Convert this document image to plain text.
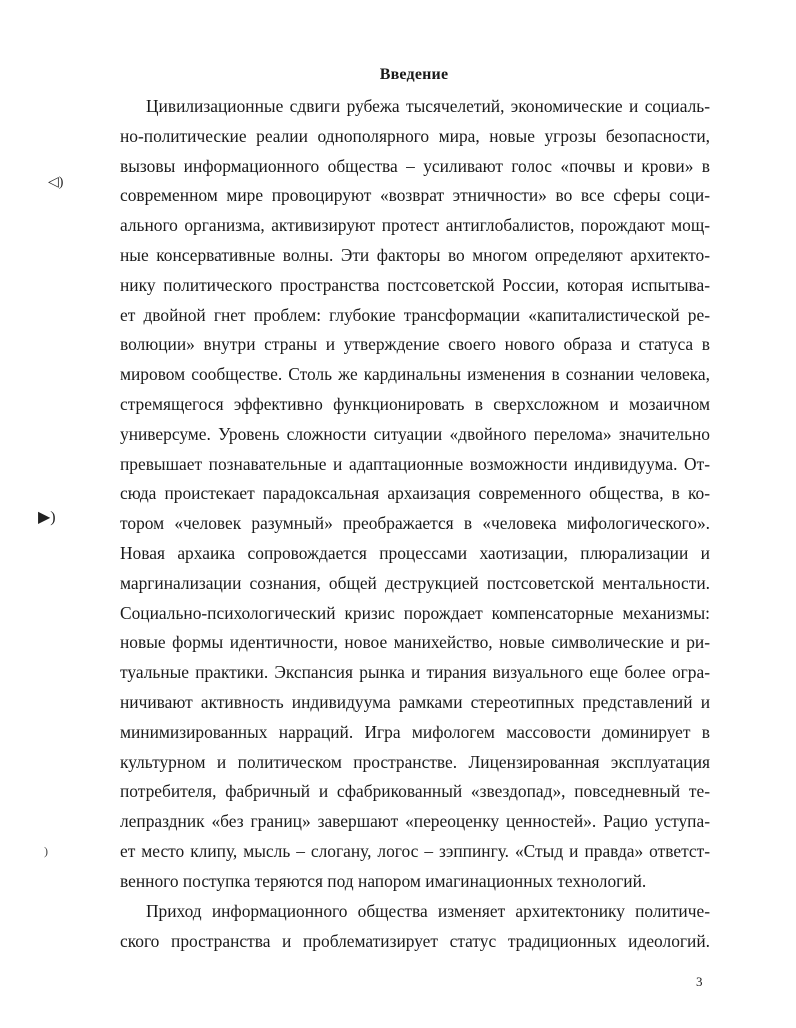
◁)
▶)
)
Введение
Цивилизационные сдвиги рубежа тысячелетий, экономические и социаль-
но-политические реалии однополярного мира, новые угрозы безопасности,
вызовы информационного общества – усиливают голос «почвы и крови» в
современном мире провоцируют «возврат этничности» во все сферы соци-
ального организма, активизируют протест антиглобалистов, порождают мощ-
ные консервативные волны. Эти факторы во многом определяют архитекто-
нику политического пространства постсоветской России, которая испытыва-
ет двойной гнет проблем: глубокие трансформации «капиталистической ре-
волюции» внутри страны и утверждение своего нового образа и статуса в
мировом сообществе. Столь же кардинальны изменения в сознании человека,
стремящегося эффективно функционировать в сверхсложном и мозаичном
универсуме. Уровень сложности ситуации «двойного перелома» значительно
превышает познавательные и адаптационные возможности индивидуума. От-
сюда проистекает парадоксальная архаизация современного общества, в ко-
тором «человек разумный» преображается в «человека мифологического».
Новая архаика сопровождается процессами хаотизации, плюрализации и
маргинализации сознания, общей деструкцией постсоветской ментальности.
Социально-психологический кризис порождает компенсаторные механизмы:
новые формы идентичности, новое манихейство, новые символические и ри-
туальные практики. Экспансия рынка и тирания визуального еще более огра-
ничивают активность индивидуума рамками стереотипных представлений и
минимизированных нарраций. Игра мифологем массовости доминирует в
культурном и политическом пространстве. Лицензированная эксплуатация
потребителя, фабричный и сфабрикованный «звездопад», повседневный те-
лепраздник «без границ» завершают «переоценку ценностей». Рацио уступа-
ет место клипу, мысль – слогану, логос – зэппингу. «Стыд и правда» ответст-
венного поступка теряются под напором имагинационных технологий.
Приход информационного общества изменяет архитектонику политиче-
ского пространства и проблематизирует статус традиционных идеологий.
3
